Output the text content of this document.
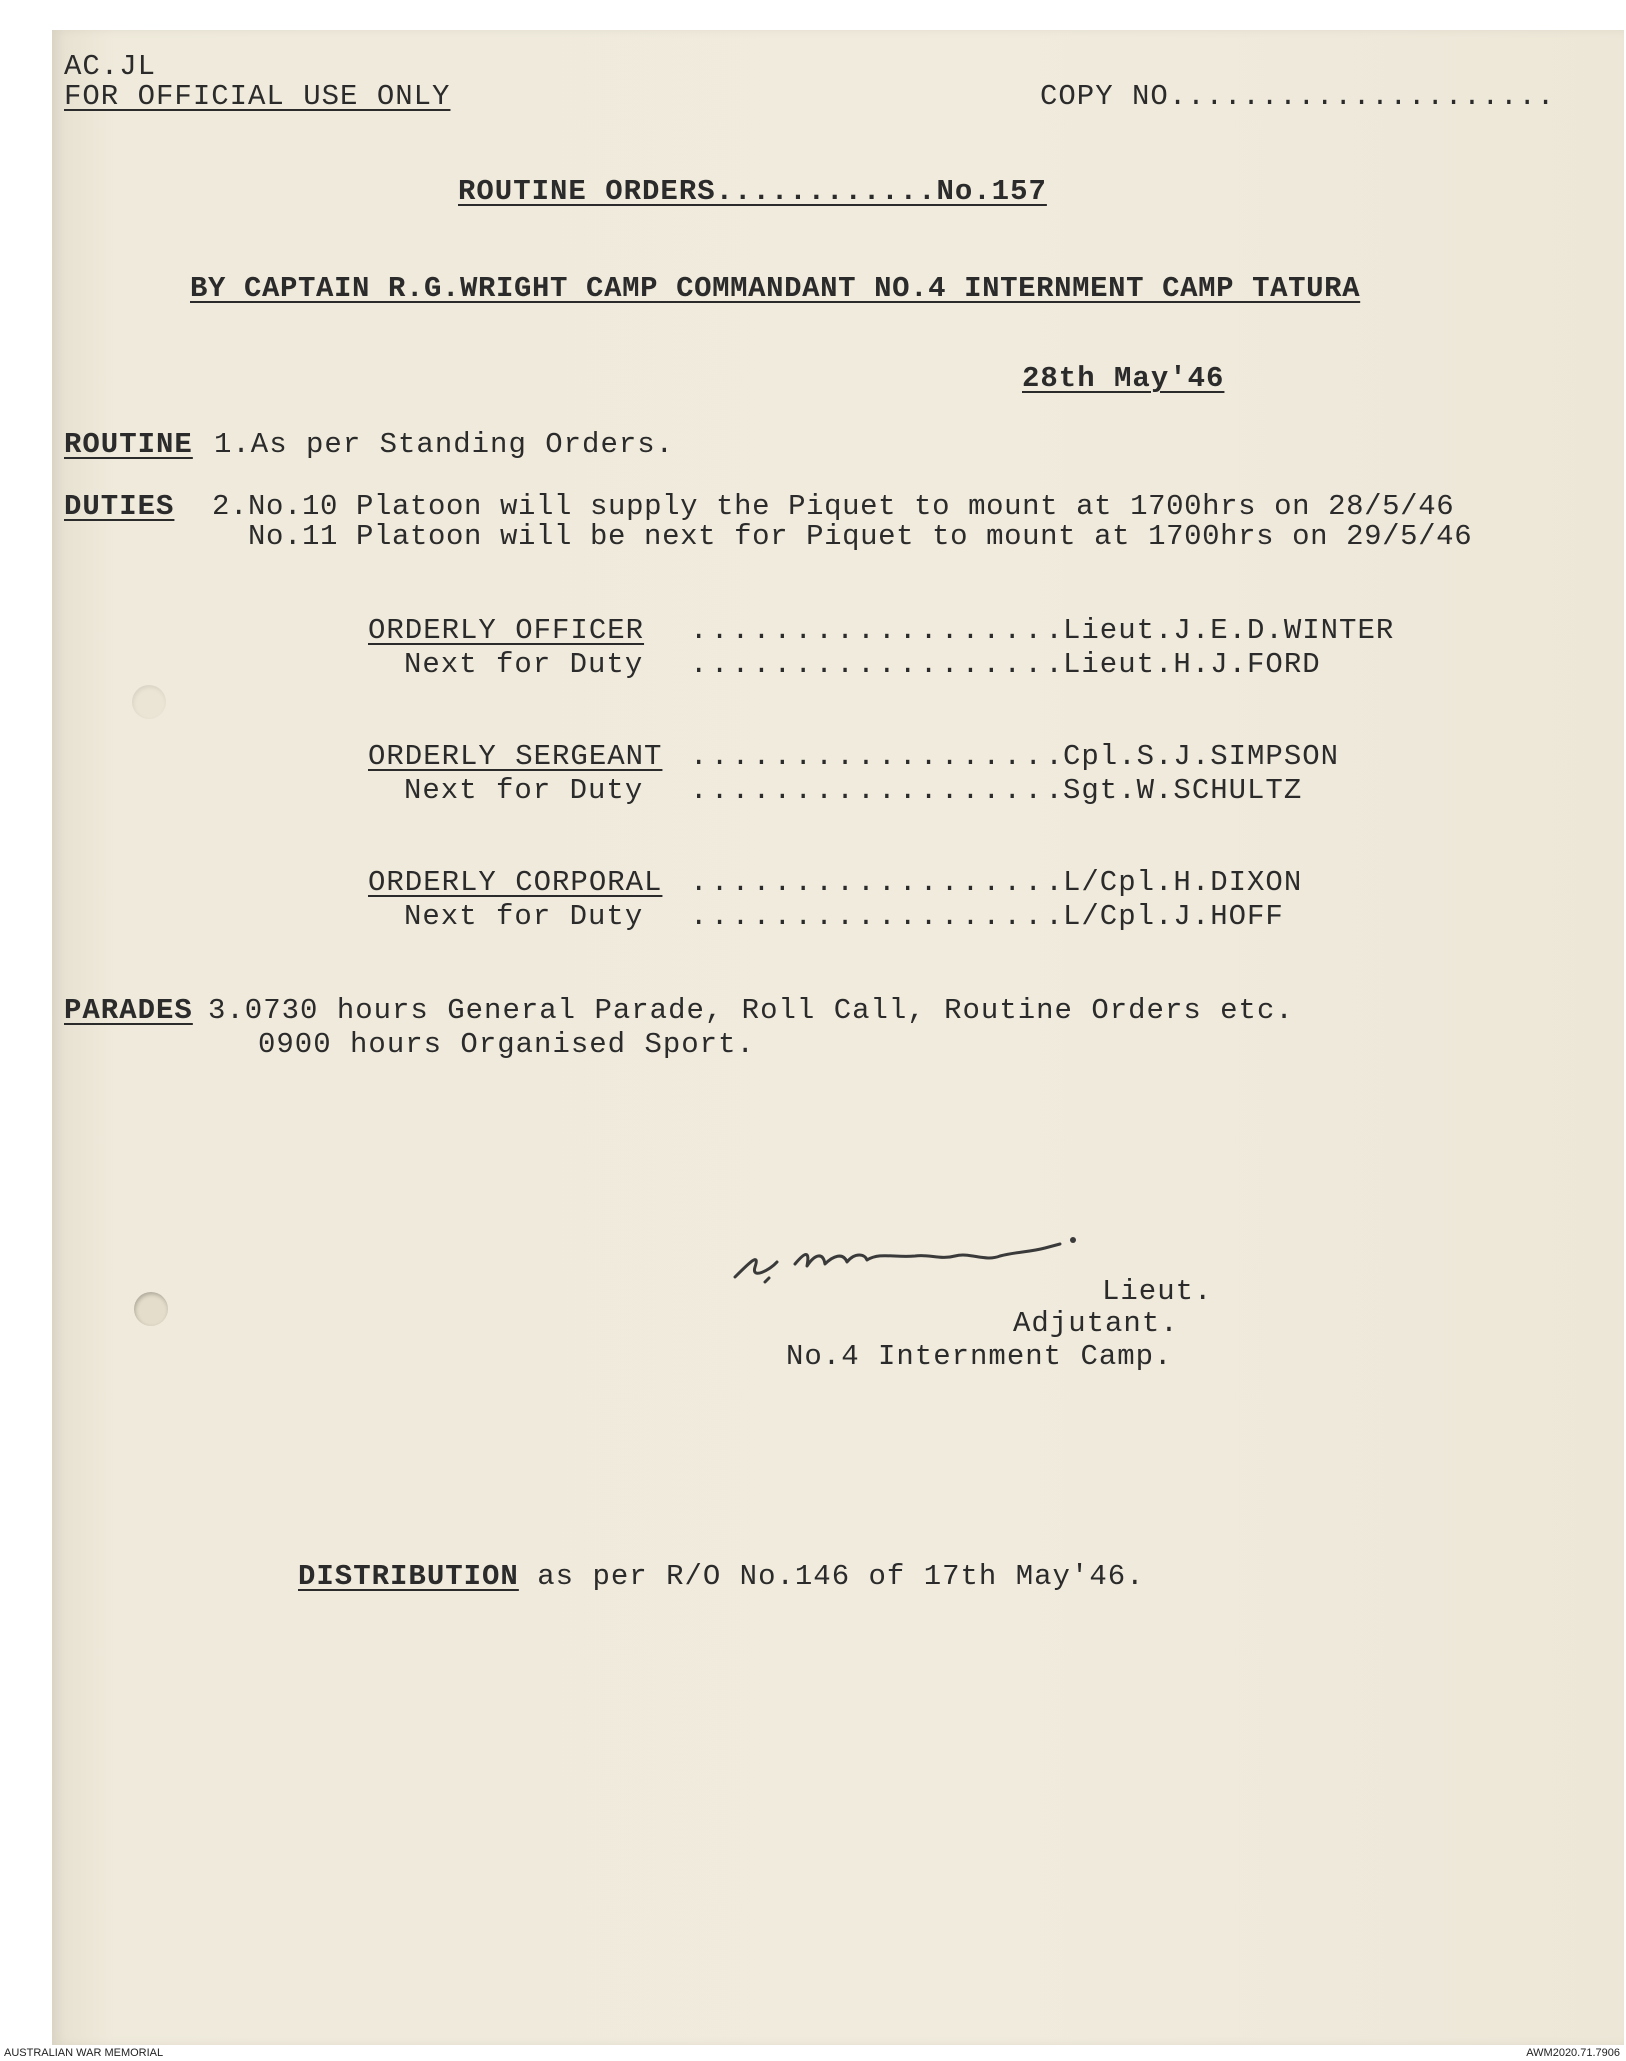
AC.JL
FOR OFFICIAL USE ONLY	COPY NO.....................
ROUTINE ORDERS............No.157
BY CAPTAIN R.G.WRIGHT CAMP COMMANDANT NO.4 INTERNMENT CAMP TATURA
28th May'46
ROUTINE 1.As per Standing Orders.
DUTIES 2.No.10 Platoon will supply the Piquet to mount at 1700hrs on 28/5/46
No.11 Platoon will be next for Piquet to mount at 1700hrs on 29/5/46
ORDERLY OFFICER ..................
Lieut.J.E.D.WINTER
Next for Duty ..................
Lieut.H.J.FORD
ORDERLY SERGEANT ..................
Cpl.S.J.SIMPSON
Next for Duty ..................
Sgt.W.SCHULTZ
ORDERLY CORPORAL ..................
L/Cpl.H.DIXON
Next for Duty ..................
L/Cpl.J.HOFF
PARADES 3.0730 hours General Parade, Roll Call, Routine Orders etc.
0900 hours Organised Sport.
Lieut.
Adjutant.
No.4 Internment Camp.
DISTRIBUTION as per R/O No.146 of 17th May'46.
AUSTRALIAN WAR MEMORIAL	AWM2020.71.7906
